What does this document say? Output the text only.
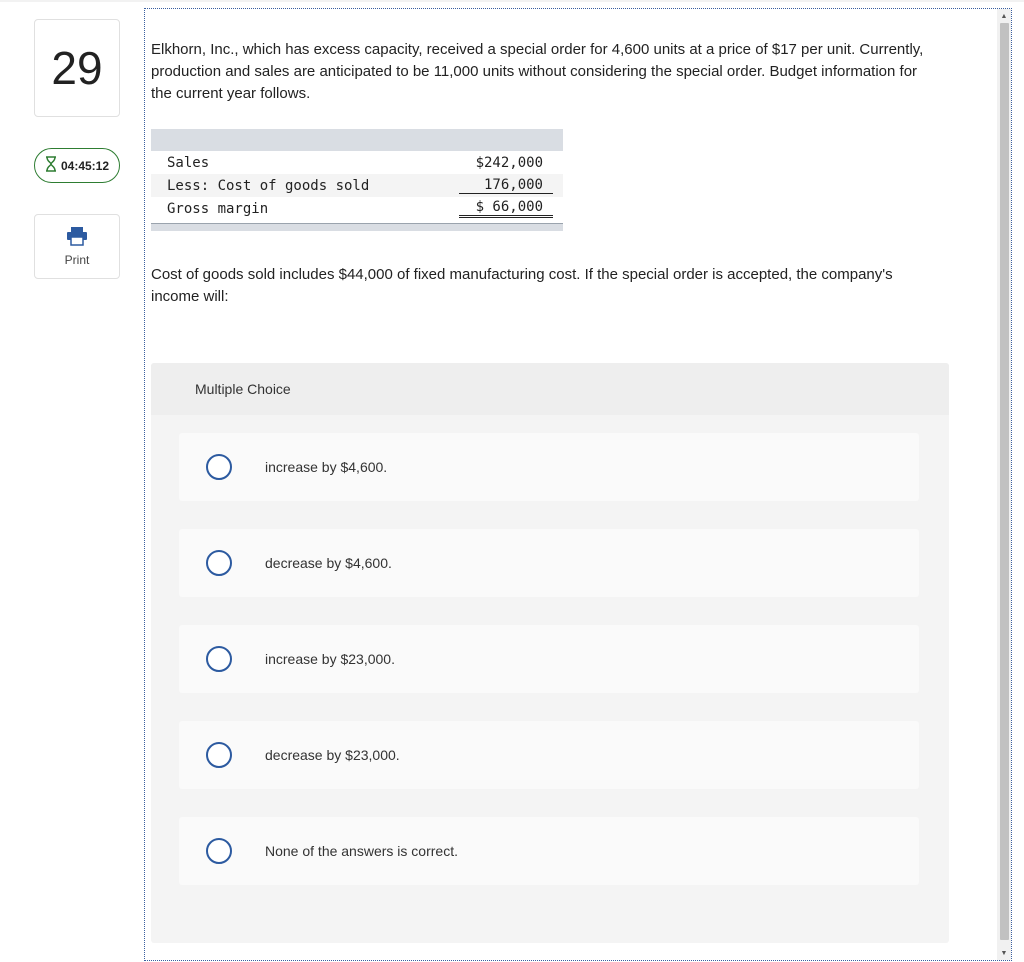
29
04:45:12
Print

Elkhorn, Inc., which has excess capacity, received a special order for 4,600 units at a price of $17 per unit. Currently, production and sales are anticipated to be 11,000 units without considering the special order. Budget information for the current year follows.

Sales	$242,000
Less: Cost of goods sold	176,000
Gross margin	$ 66,000

Cost of goods sold includes $44,000 of fixed manufacturing cost. If the special order is accepted, the company's income will:

Multiple Choice
increase by $4,600.
decrease by $4,600.
increase by $23,000.
decrease by $23,000.
None of the answers is correct.
▲
▼
